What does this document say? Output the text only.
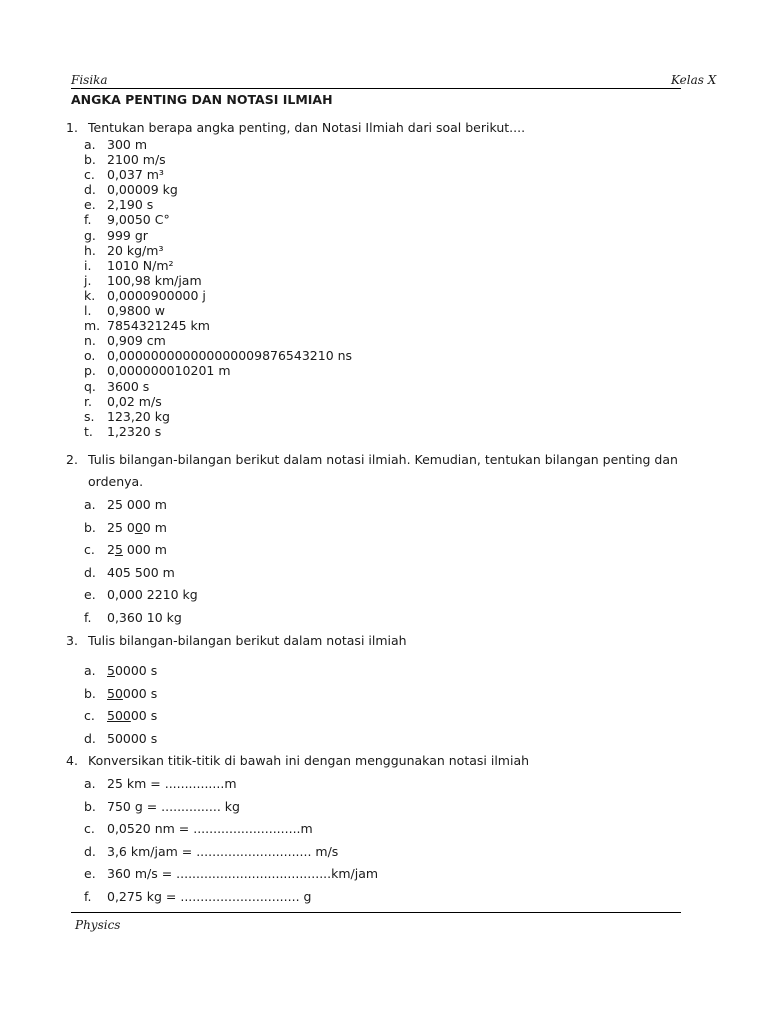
Fisika	Kelas X
ANGKA PENTING DAN NOTASI ILMIAH
1. Tentukan berapa angka penting, dan Notasi Ilmiah dari soal berikut....
a. 300 m
b. 2100 m/s
c. 0,037 m³
d. 0,00009 kg
e. 2,190 s
f. 9,0050 C°
g. 999 gr
h. 20 kg/m³
i. 1010 N/m²
j. 100,98 km/jam
k. 0,0000900000 j
l. 0,9800 w
m. 7854321245 km
n. 0,909 cm
o. 0,000000000000000009876543210 ns
p. 0,000000010201 m
q. 3600 s
r. 0,02 m/s
s. 123,20 kg
t. 1,2320 s
2. Tulis bilangan-bilangan berikut dalam notasi ilmiah. Kemudian, tentukan bilangan penting dan
ordenya.
a. 25 000 m
b. 25 000 m
c. 25 000 m
d. 405 500 m
e. 0,000 2210 kg
f. 0,360 10 kg
3. Tulis bilangan-bilangan berikut dalam notasi ilmiah
a. 50000 s
b. 50000 s
c. 50000 s
d. 50000 s
4. Konversikan titik-titik di bawah ini dengan menggunakan notasi ilmiah
a. 25 km = ...............m
b. 750 g = ............... kg
c. 0,0520 nm = ...........................m
d. 3,6 km/jam = ............................. m/s
e. 360 m/s = .......................................km/jam
f. 0,275 kg = .............................. g
Physics
